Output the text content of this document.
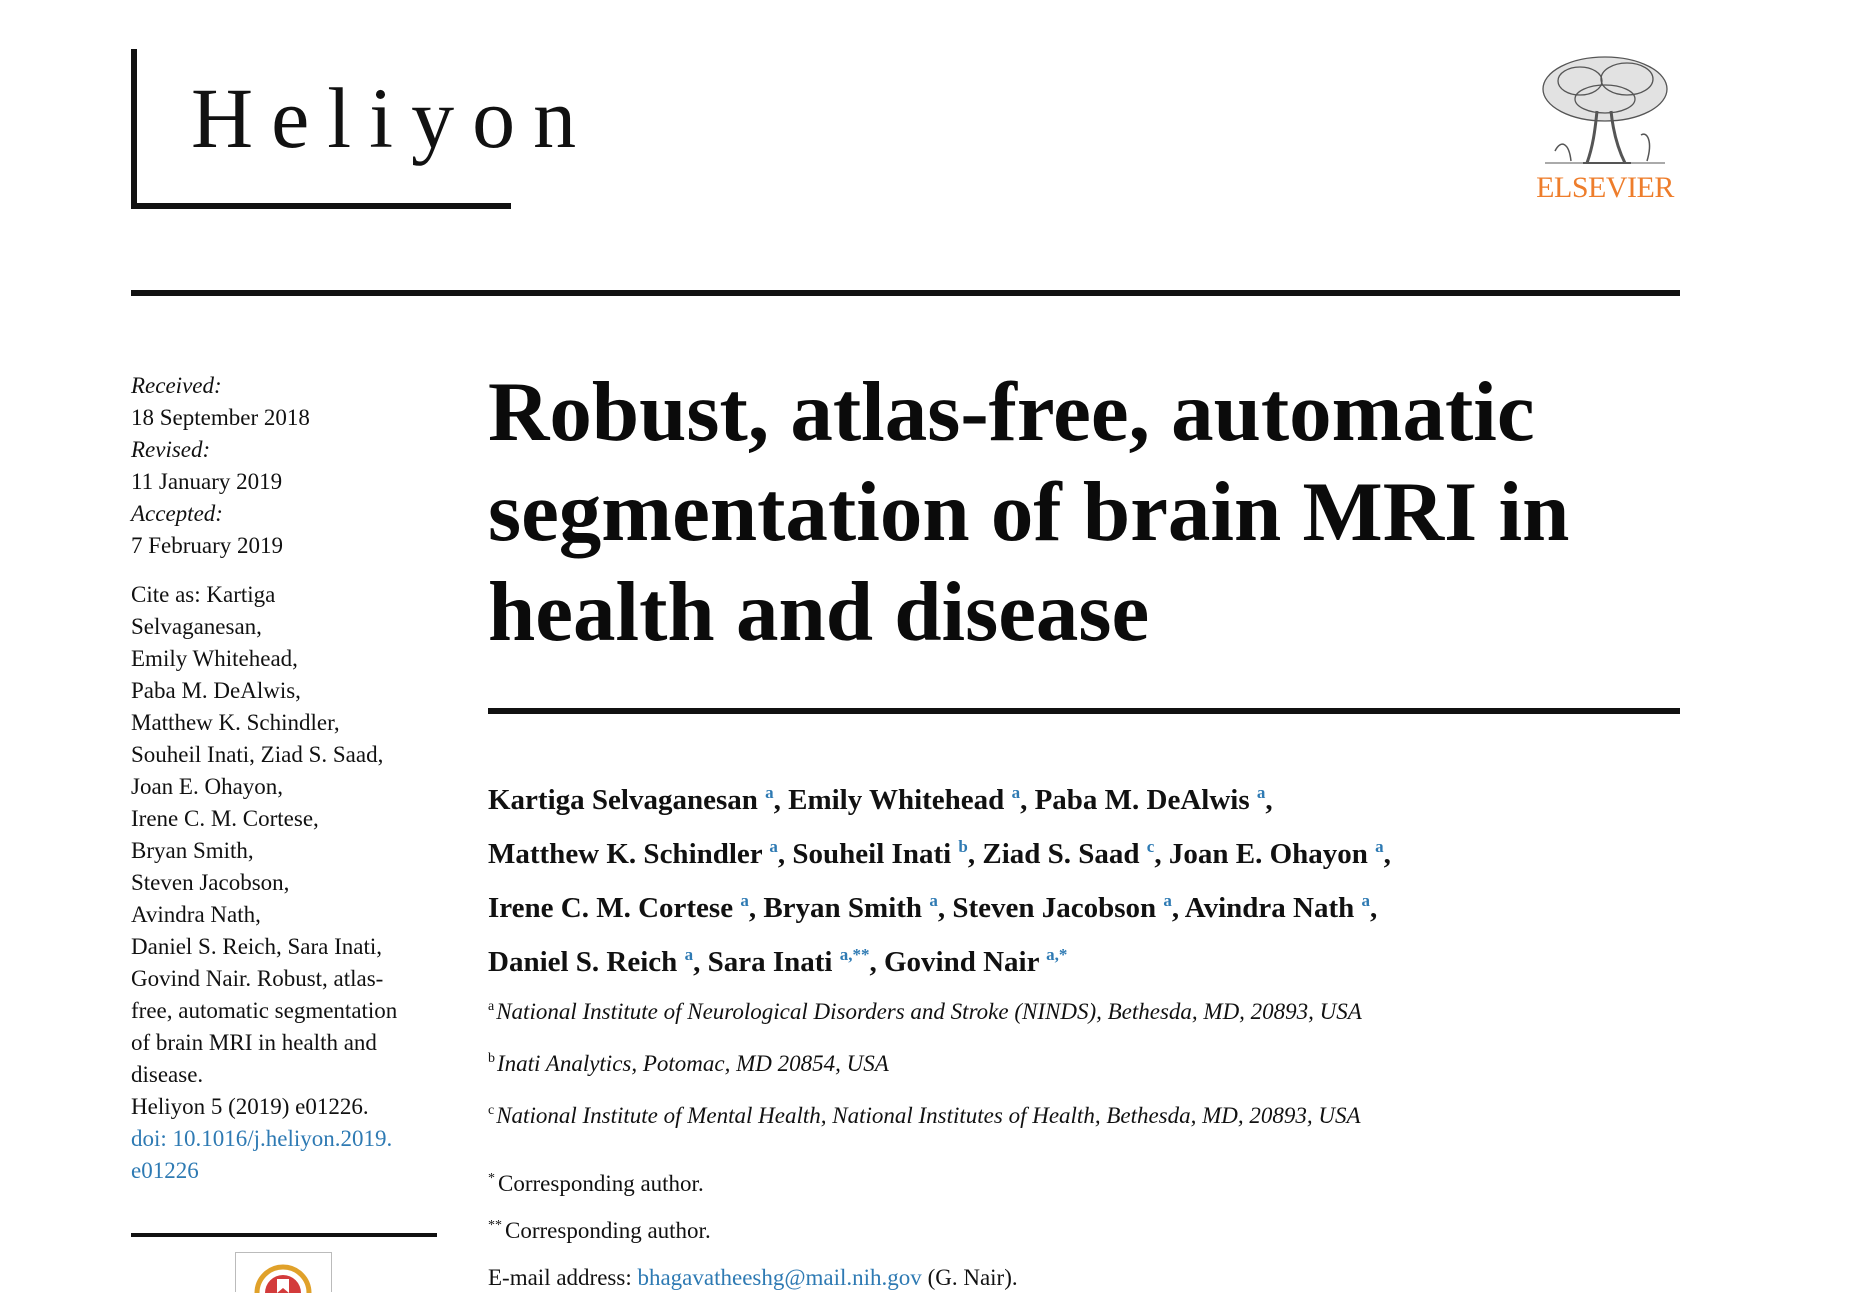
Heliyon
ELSEVIER
Received:
18 September 2018
Revised:
11 January 2019
Accepted:
7 February 2019
Cite as: Kartiga
Selvaganesan,
Emily Whitehead,
Paba M. DeAlwis,
Matthew K. Schindler,
Souheil Inati, Ziad S. Saad,
Joan E. Ohayon,
Irene C. M. Cortese,
Bryan Smith,
Steven Jacobson,
Avindra Nath,
Daniel S. Reich, Sara Inati,
Govind Nair. Robust, atlas-
free, automatic segmentation
of brain MRI in health and
disease.
Heliyon 5 (2019) e01226.
doi: 10.1016/j.heliyon.2019.
e01226
Robust, atlas-free, automatic
segmentation of brain MRI in
health and disease
Kartiga Selvaganesan $^a$, Emily Whitehead $^a$, Paba M. DeAlwis $^a$,
Matthew K. Schindler $^a$, Souheil Inati $^b$, Ziad S. Saad $^c$, Joan E. Ohayon $^a$,
Irene C. M. Cortese $^a$, Bryan Smith $^a$, Steven Jacobson $^a$, Avindra Nath $^a$,
Daniel S. Reich $^a$, Sara Inati $^{a,**}$, Govind Nair $^{a,*}$
$^a$National Institute of Neurological Disorders and Stroke (NINDS), Bethesda, MD, 20893, USA
$^b$Inati Analytics, Potomac, MD 20854, USA
$^c$National Institute of Mental Health, National Institutes of Health, Bethesda, MD, 20893, USA
* Corresponding author.
** Corresponding author.
E-mail address: bhagavatheeshg@mail.nih.gov (G. Nair).
